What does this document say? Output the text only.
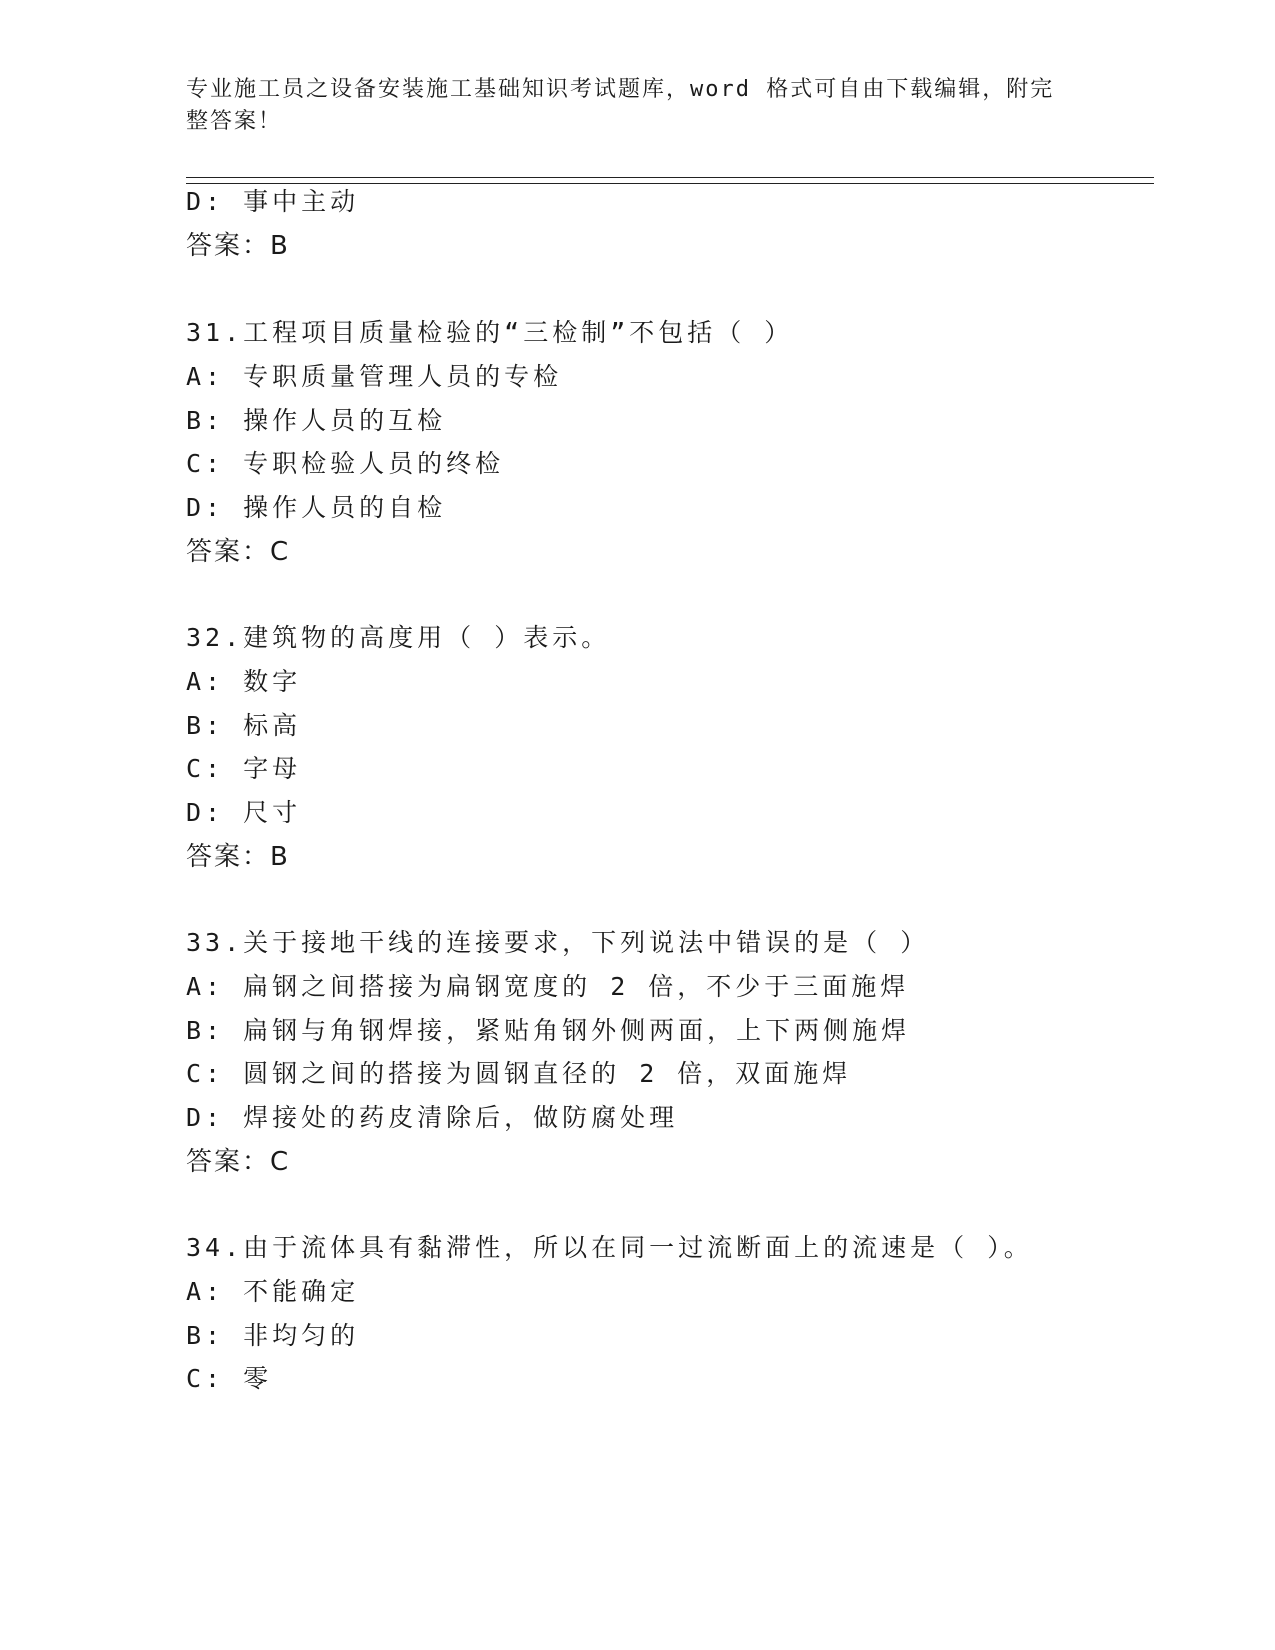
专业施工员之设备安装施工基础知识考试题库，word 格式可自由下载编辑，附完整答案！
D: 事中主动
答案：B
31.工程项目质量检验的“三检制”不包括（ ）
A: 专职质量管理人员的专检
B: 操作人员的互检
C: 专职检验人员的终检
D: 操作人员的自检
答案：C
32.建筑物的高度用（ ）表示。
A: 数字
B: 标高
C: 字母
D: 尺寸
答案：B
33.关于接地干线的连接要求，下列说法中错误的是（ ）
A: 扁钢之间搭接为扁钢宽度的 2 倍，不少于三面施焊
B: 扁钢与角钢焊接，紧贴角钢外侧两面，上下两侧施焊
C: 圆钢之间的搭接为圆钢直径的 2 倍，双面施焊
D: 焊接处的药皮清除后，做防腐处理
答案：C
34.由于流体具有黏滞性，所以在同一过流断面上的流速是（ ）。
A: 不能确定
B: 非均匀的
C: 零
